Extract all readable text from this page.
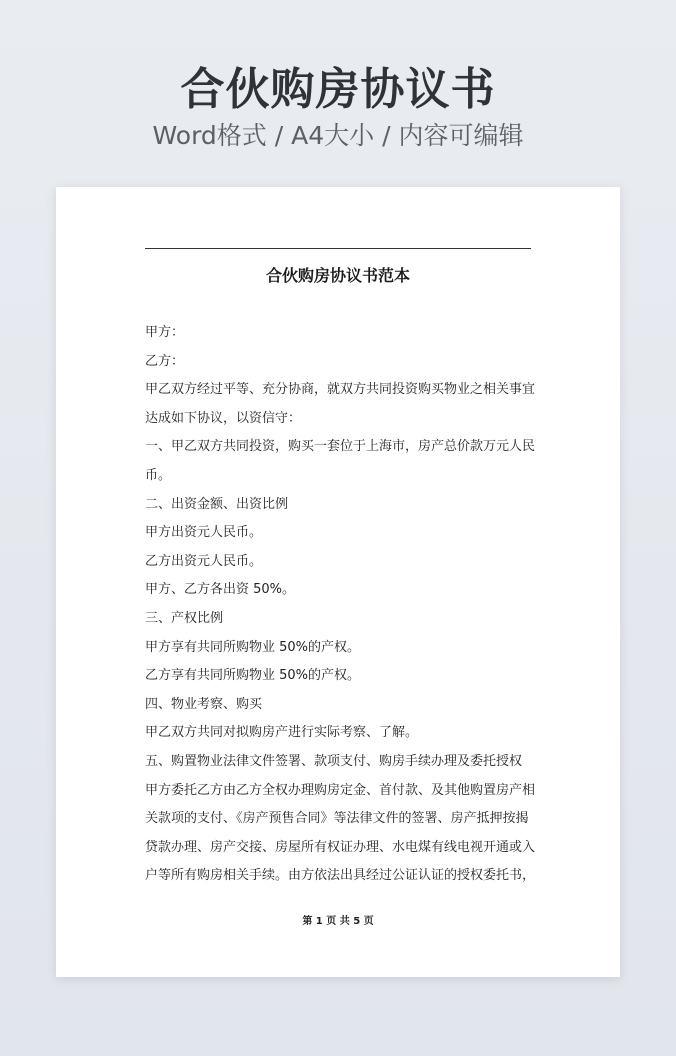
合伙购房协议书
Word格式 / A4大小 / 内容可编辑
合伙购房协议书范本
甲方：
乙方：
甲乙双方经过平等、充分协商，就双方共同投资购买物业之相关事宜
达成如下协议，以资信守：
一、甲乙双方共同投资，购买一套位于上海市，房产总价款万元人民
币。
二、出资金额、出资比例
甲方出资元人民币。
乙方出资元人民币。
甲方、乙方各出资 50%。
三、产权比例
甲方享有共同所购物业 50%的产权。
乙方享有共同所购物业 50%的产权。
四、物业考察、购买
甲乙双方共同对拟购房产进行实际考察、了解。
五、购置物业法律文件签署、款项支付、购房手续办理及委托授权
甲方委托乙方由乙方全权办理购房定金、首付款、及其他购置房产相
关款项的支付、《房产预售合同》等法律文件的签署、房产抵押按揭
贷款办理、房产交接、房屋所有权证办理、水电煤有线电视开通或入
户等所有购房相关手续。由方依法出具经过公证认证的授权委托书，
第 1 页 共 5 页
